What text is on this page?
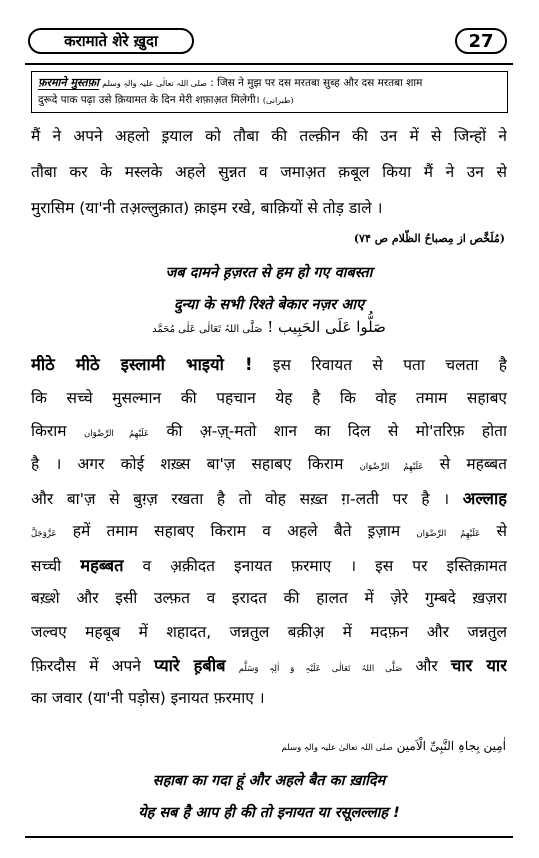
करामाते शेरे ख़ुदा	27
फ़रमाने मुस्तफ़ा صلی اللہ تعالٰی علیہ والہٖ وسلم : जिस ने मुझ पर दस मरतबा सुब्ह और दस मरतबा शाम
दुरूदे पाक पढ़ा उसे क़ियामत के दिन मेरी शफ़ाअ़त मिलेगी। (طبرانی)
मैं ने अपने अहलो इ़याल को तौबा की तल्क़ीन की उन में से जिन्हों ने
तौबा कर के मस्लके अहले सुन्नत व जमाअ़त क़बूल किया मैं ने उन से
मुरासिम (या'नी तअ़ल्लुक़ात) क़ाइम रखे, बाक़ियों से तोड़ डाले ।
(مُلَخَّص از مِصباحُ الظّلام ص ۷۴)
जब दामने ह़ज़रत से हम हो गए वाबस्ता
दुन्या के सभी रिश्ते बेकार नज़र आए
صَلُّوا عَلَی الحَبِیب ! صَلَّی اللہُ تَعَالٰی عَلٰی مُحَمَّد
मीठे मीठे इस्लामी भाइयो ! इस रिवायत से पता चलता है
कि सच्चे मुसल्मान की पहचान येह है कि वोह तमाम सहाबए
किराम عَلَیْھِمُ الرِّضْوَان की अ़-ज़्-मतो शान का दिल से मो'तरिफ़ होता
है । अगर कोई शख़्स बा'ज़ सहाबए किराम عَلَیْھِمُ الرِّضْوَان से महब्बत
और बा'ज़ से बुग़्ज़ रखता है तो वोह सख़्त ग़-लती पर है । अल्लाह
عَزَّوَجَلَّ हमें तमाम सहाबए किराम व अहले बैते इ़ज़ाम عَلَیْھِمُ الرِّضْوَان से
सच्ची महब्बत व अ़क़ीदत इनायत फ़रमाए । इस पर इस्तिक़ामत
बख़्शे और इसी उल्फ़त व इरादत की हालत में ज़ेरे गुम्बदे ख़ज़रा
जल्वए महबूब में शहादत, जन्नतुल बक़ीअ़ में मदफ़न और जन्नतुल
फ़िरदौस में अपने प्यारे ह़बीब صَلَّی اللہُ تَعَالٰی عَلَیْہِ وَ اٰلِہٖ وَسَلَّم और चार यार
का जवार (या'नी पड़ोस) इनायत फ़रमाए ।
اٰمِین بِجاہِ النَّبِیِّ الْاَمین صلی اللہ تعالیٰ علیہ والہٖ وسلم
सहाबा का गदा हूं और अहले बैत का ख़ादिम
येह सब है आप ही की तो इनायत या रसूलल्लाह !
